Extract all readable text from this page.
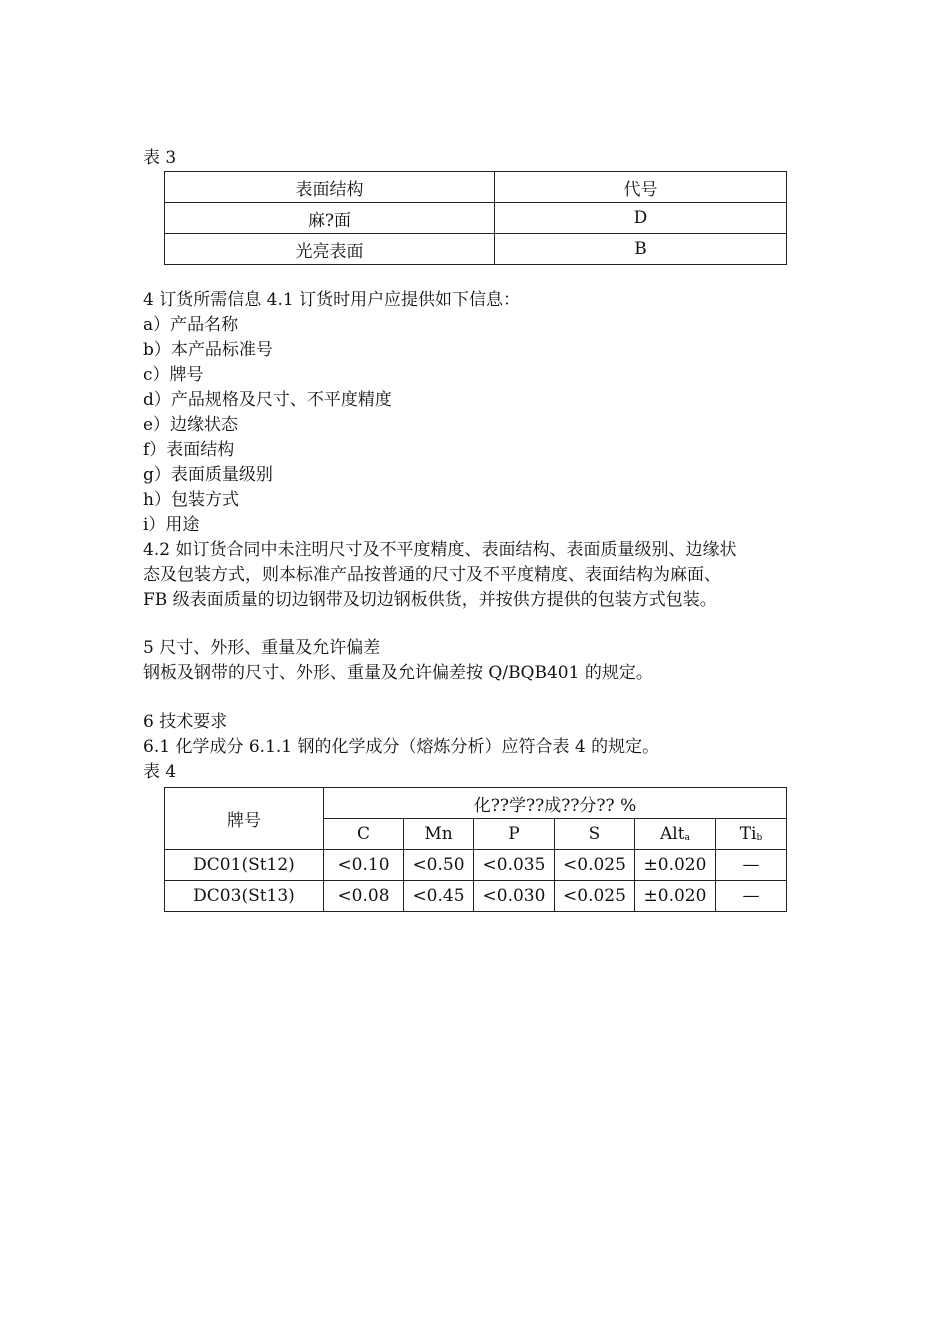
表 3
表面结构	代号
麻?面	D
光亮表面	B
4 订货所需信息 4.1 订货时用户应提供如下信息：
a）产品名称
b）本产品标准号
c）牌号
d）产品规格及尺寸、不平度精度
e）边缘状态
f）表面结构
g）表面质量级别
h）包装方式
i）用途
4.2 如订货合同中未注明尺寸及不平度精度、表面结构、表面质量级别、边缘状
态及包装方式，则本标准产品按普通的尺寸及不平度精度、表面结构为麻面、
FB 级表面质量的切边钢带及切边钢板供货，并按供方提供的包装方式包装。
5 尺寸、外形、重量及允许偏差
钢板及钢带的尺寸、外形、重量及允许偏差按 Q/BQB401 的规定。
6 技术要求
6.1 化学成分 6.1.1 钢的化学成分（熔炼分析）应符合表 4 的规定。
表 4
牌号	化??学??成??分?? %					
	C	Mn	P	S	Alt$_a$	$Ti_b$
DC01(St12)	<0.10	<0.50	<0.035	<0.025	±0.020	—
DC03(St13)	<0.08	<0.45	<0.030	<0.025	±0.020	—
